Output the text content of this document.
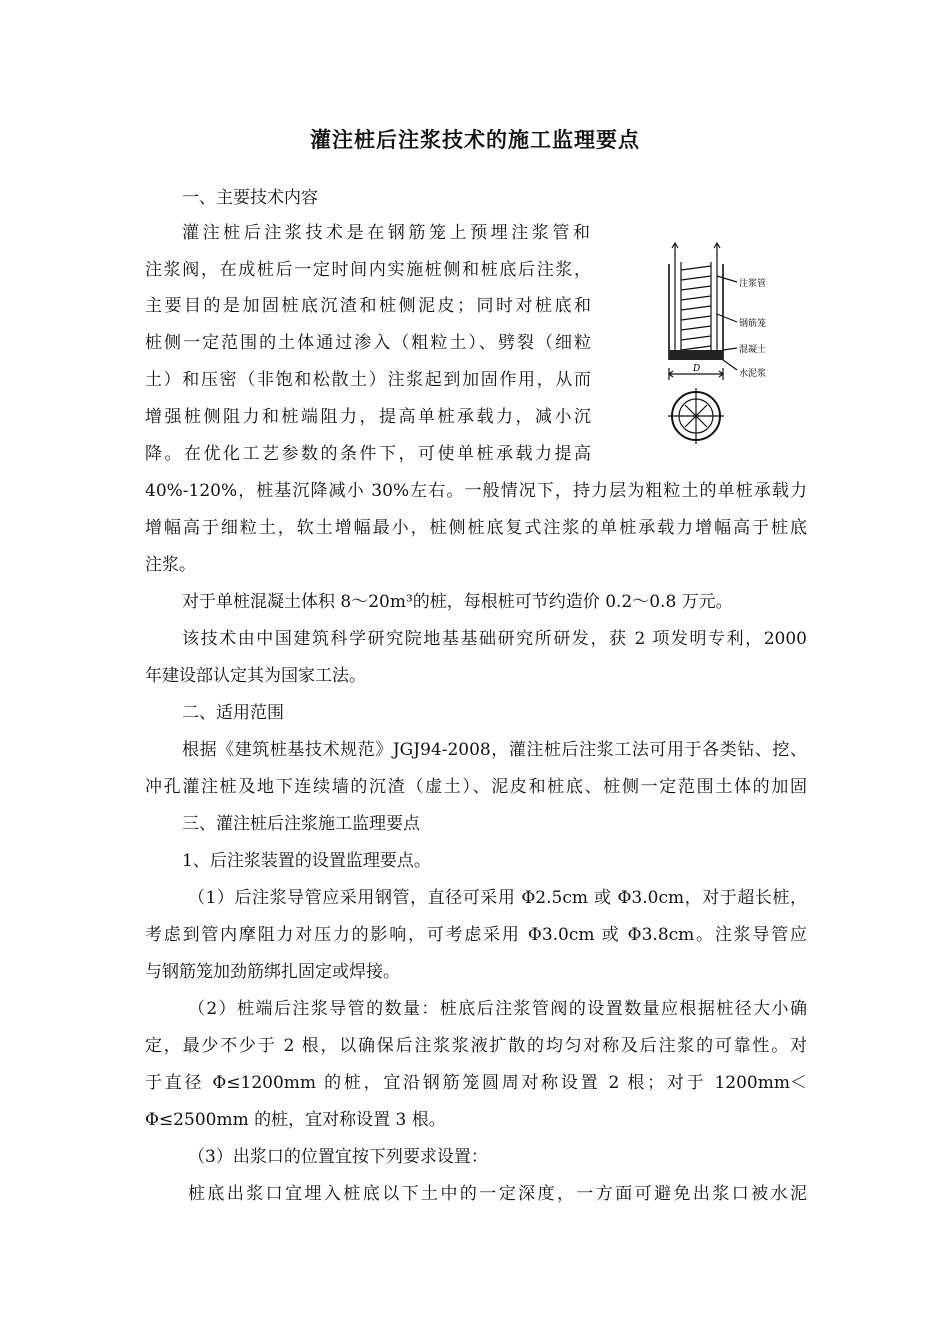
灌注桩后注浆技术的施工监理要点
一、主要技术内容
灌注桩后注浆技术是在钢筋笼上预埋注浆管和
注浆阀，在成桩后一定时间内实施桩侧和桩底后注浆，
主要目的是加固桩底沉渣和桩侧泥皮；同时对桩底和
桩侧一定范围的土体通过渗入（粗粒土）、劈裂（细粒
土）和压密（非饱和松散土）注浆起到加固作用，从而
增强桩侧阻力和桩端阻力，提高单桩承载力，减小沉
降。在优化工艺参数的条件下，可使单桩承载力提高
40%-120%，桩基沉降减小 30%左右。一般情况下，持力层为粗粒土的单桩承载力
增幅高于细粒土，软土增幅最小，桩侧桩底复式注浆的单桩承载力增幅高于桩底
注浆。
对于单桩混凝土体积 8～20m³的桩，每根桩可节约造价 0.2～0.8 万元。
该技术由中国建筑科学研究院地基基础研究所研发，获 2 项发明专利，2000
年建设部认定其为国家工法。
二、适用范围
根据《建筑桩基技术规范》JGJ94-2008，灌注桩后注浆工法可用于各类钻、挖、
冲孔灌注桩及地下连续墙的沉渣（虚土）、泥皮和桩底、桩侧一定范围土体的加固
三、灌注桩后注浆施工监理要点
1、后注浆装置的设置监理要点。
（1）后注浆导管应采用钢管，直径可采用 Φ2.5cm 或 Φ3.0cm，对于超长桩，
考虑到管内摩阻力对压力的影响，可考虑采用 Φ3.0cm 或 Φ3.8cm。注浆导管应
与钢筋笼加劲筋绑扎固定或焊接。
（2）桩端后注浆导管的数量：桩底后注浆管阀的设置数量应根据桩径大小确
定，最少不少于 2 根，以确保后注浆浆液扩散的均匀对称及后注浆的可靠性。对
于直径 Φ≤1200mm 的桩，宜沿钢筋笼圆周对称设置 2 根；对于 1200mm＜
Φ≤2500mm 的桩，宜对称设置 3 根。
（3）出浆口的位置宜按下列要求设置：
桩底出浆口宜埋入桩底以下土中的一定深度，一方面可避免出浆口被水泥
注浆管
钢筋笼
混凝土
水泥浆
D
